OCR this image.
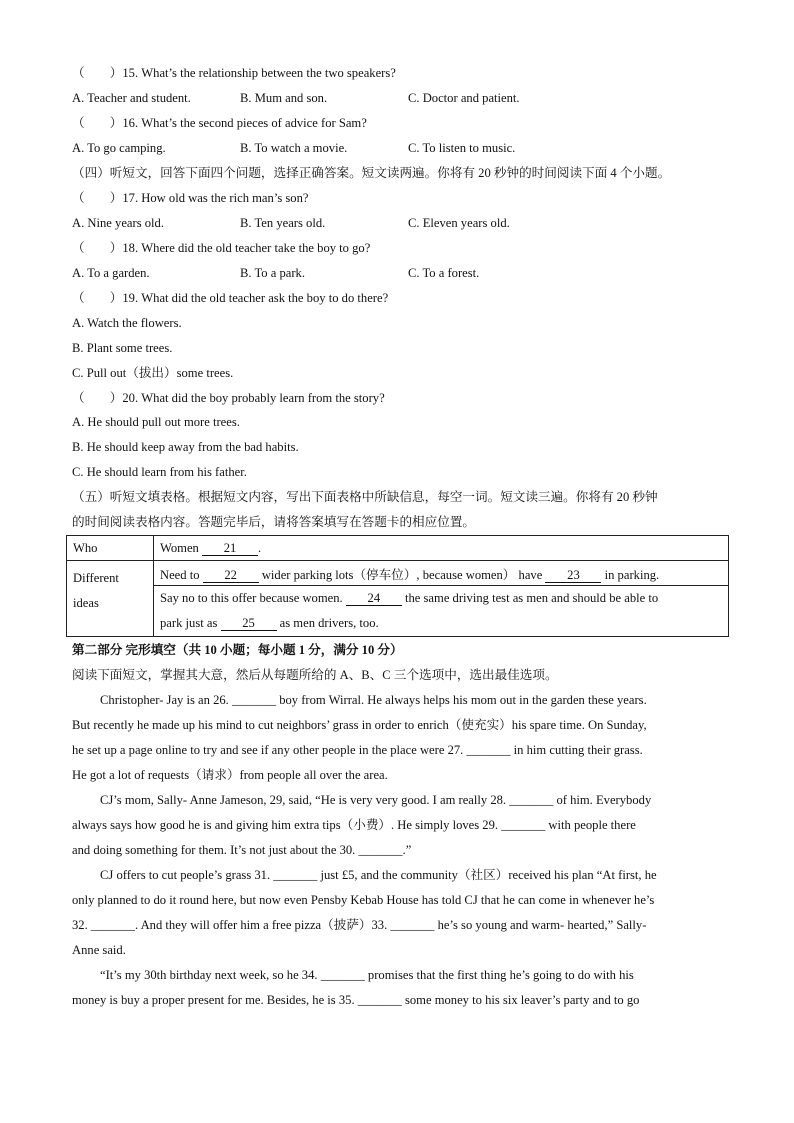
（　　）15. What’s the relationship between the two speakers?
A. Teacher and student.	B. Mum and son.	C. Doctor and patient.
（　　）16. What’s the second pieces of advice for Sam?
A. To go camping.	B. To watch a movie.	C. To listen to music.
（四）听短文，回答下面四个问题，选择正确答案。短文读两遍。你将有 20 秒钟的时间阅读下面 4 个小题。
（　　）17. How old was the rich man’s son?
A. Nine years old.	B. Ten years old.	C. Eleven years old.
（　　）18. Where did the old teacher take the boy to go?
A. To a garden.	B. To a park.	C. To a forest.
（　　）19. What did the old teacher ask the boy to do there?
A. Watch the flowers.
B. Plant some trees.
C. Pull out（拔出）some trees.
（　　）20. What did the boy probably learn from the story?
A. He should pull out more trees.
B. He should keep away from the bad habits.
C. He should learn from his father.
（五）听短文填表格。根据短文内容，写出下面表格中所缺信息，每空一词。短文读三遍。你将有 20 秒钟
的时间阅读表格内容。答题完毕后，请将答案填写在答题卡的相应位置。
Who	Women 21 .

Different
ideas	Need to 22 wider parking lots（停车位）, because women） have 23 in parking.

	Say no to this offer because women. 24 the same driving test as men and should be able to
park just as 25 as men drivers, too.
第二部分 完形填空（共 10 小题；每小题 1 分，满分 10 分）
阅读下面短文，掌握其大意，然后从每题所给的 A、B、C 三个选项中，选出最佳选项。
Christopher- Jay is an 26. _______ boy from Wirral. He always helps his mom out in the garden these years.
But recently he made up his mind to cut neighbors’ grass in order to enrich（使充实）his spare time. On Sunday,
he set up a page online to try and see if any other people in the place were 27. _______ in him cutting their grass.
He got a lot of requests（请求）from people all over the area.
CJ’s mom, Sally- Anne Jameson, 29, said, “He is very very good. I am really 28. _______ of him. Everybody
always says how good he is and giving him extra tips（小费）. He simply loves 29. _______ with people there
and doing something for them. It’s not just about the 30. _______.”
CJ offers to cut people’s grass 31. _______ just £5, and the community（社区）received his plan “At first, he
only planned to do it round here, but now even Pensby Kebab House has told CJ that he can come in whenever he’s
32. _______. And they will offer him a free pizza（披萨）33. _______ he’s so young and warm- hearted,” Sally-
Anne said.
“It’s my 30th birthday next week, so he 34. _______ promises that the first thing he’s going to do with his
money is buy a proper present for me. Besides, he is 35. _______ some money to his six leaver’s party and to go
